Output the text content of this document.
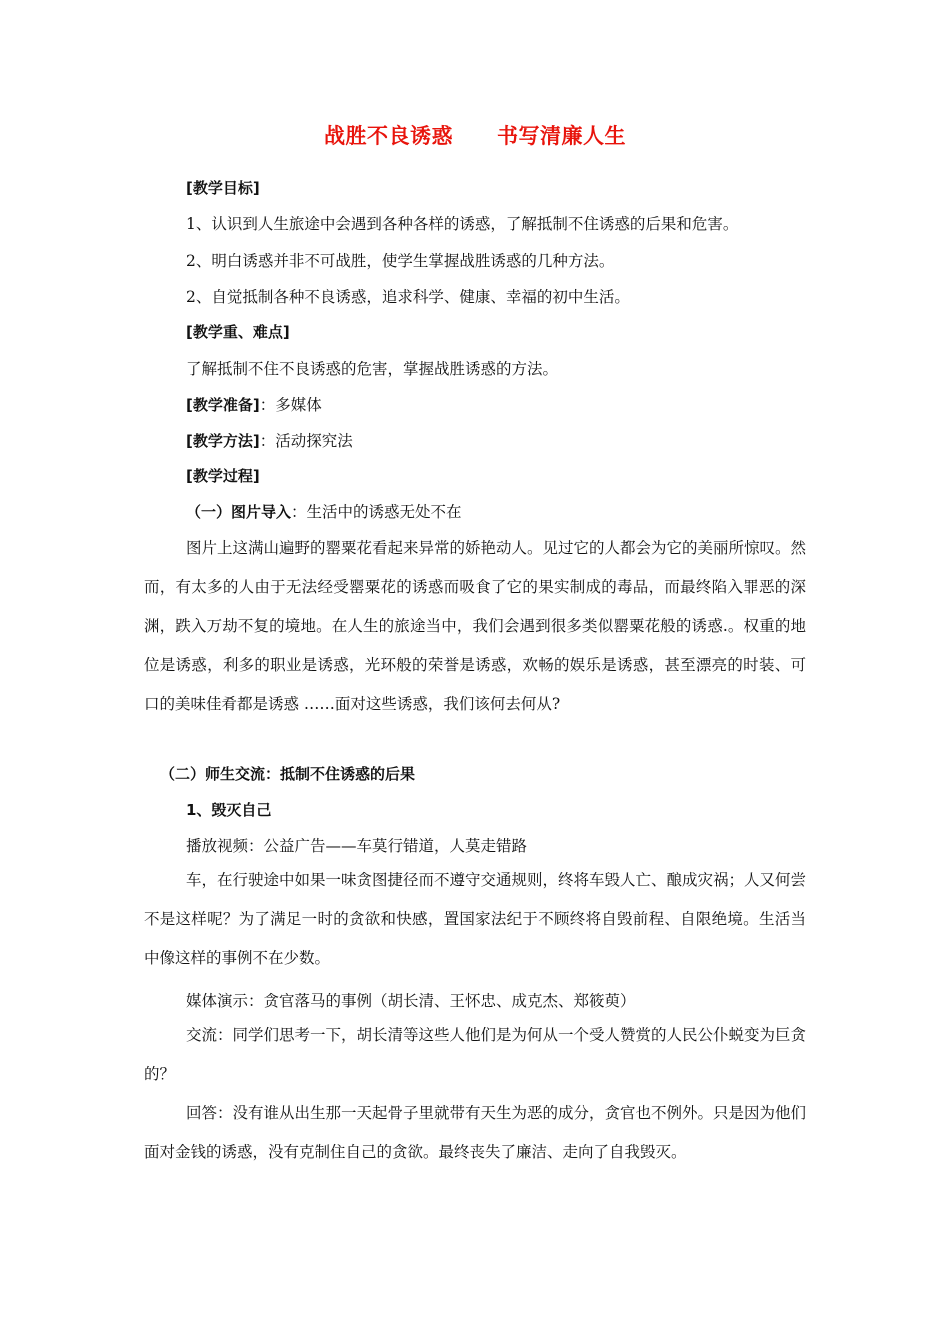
战胜不良诱惑 书写清廉人生
[教学目标]
1、认识到人生旅途中会遇到各种各样的诱惑，了解抵制不住诱惑的后果和危害。
2、明白诱惑并非不可战胜，使学生掌握战胜诱惑的几种方法。
2、自觉抵制各种不良诱惑，追求科学、健康、幸福的初中生活。
[教学重、难点]
了解抵制不住不良诱惑的危害，掌握战胜诱惑的方法。
[教学准备]：多媒体
[教学方法]：活动探究法
[教学过程]
（一）图片导入：生活中的诱惑无处不在
图片上这满山遍野的罂粟花看起来异常的娇艳动人。见过它的人都会为它的美丽所惊叹。然而，有太多的人由于无法经受罂粟花的诱惑而吸食了它的果实制成的毒品，而最终陷入罪恶的深渊，跌入万劫不复的境地。在人生的旅途当中，我们会遇到很多类似罂粟花般的诱惑.。权重的地位是诱惑，利多的职业是诱惑，光环般的荣誉是诱惑，欢畅的娱乐是诱惑，甚至漂亮的时装、可口的美味佳肴都是诱惑 ……面对这些诱惑，我们该何去何从?
（二）师生交流：抵制不住诱惑的后果
1、毁灭自己
播放视频：公益广告——车莫行错道，人莫走错路
车，在行驶途中如果一味贪图捷径而不遵守交通规则，终将车毁人亡、酿成灾祸；人又何尝不是这样呢？为了满足一时的贪欲和快感，置国家法纪于不顾终将自毁前程、自限绝境。生活当中像这样的事例不在少数。
媒体演示：贪官落马的事例（胡长清、王怀忠、成克杰、郑筱萸）
交流：同学们思考一下，胡长清等这些人他们是为何从一个受人赞赏的人民公仆蜕变为巨贪的？
回答：没有谁从出生那一天起骨子里就带有天生为恶的成分，贪官也不例外。只是因为他们面对金钱的诱惑，没有克制住自己的贪欲。最终丧失了廉洁、走向了自我毁灭。
